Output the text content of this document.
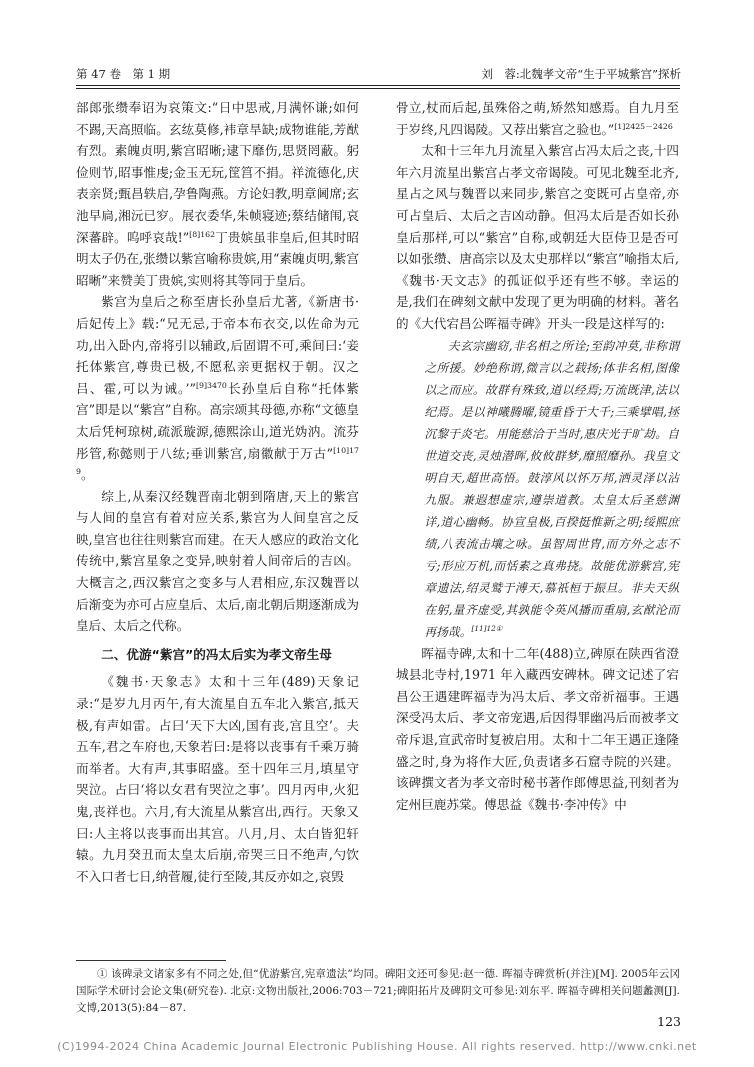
第 47 卷　第 1 期	刘　蓉:北魏孝文帝“生于平城紫宫”探析

部郎张缵奉诏为哀策文:“日中思戒,月满怀谦;如何不踢,天高照临。玄纮莫修,袆章旱缺;成物谁能,芳猷有烈。素魄贞明,紫宫昭晰;逮下靡伤,思贤罔蔽。躬俭则节,昭事惟虔;金玉无玩,筐筥不捐。祥流德化,庆表亲贤;甄昌轶启,孕鲁陶燕。方论妇教,明章阃席;玄池早扃,湘沅已穸。展衣委华,朱帧寝迹;蔡结储闱,哀深蕃辟。呜呼哀哉!”$^{[8]162}$丁贵嫔虽非皇后,但其时昭明太子仍在,张缵以紫宫喻称贵嫔,用“素魄贞明,紫宫昭晰”来赞美丁贵嫔,实则将其等同于皇后。

紫宫为皇后之称至唐长孙皇后尤著,《新唐书·后妃传上》载:“兄无忌,于帝本布衣交,以佐命为元功,出入卧内,帝将引以辅政,后固谓不可,乘间曰:‘妾托体紫宫,尊贵已极,不愿私亲更据权于朝。汉之吕、霍,可以为诫。’”$^{[9]3470}$长孙皇后自称“托体紫宫”即是以“紫宫”自称。高宗颂其母德,亦称“文德皇太后凭柯琼树,疏派璇源,德熙涂山,道光妫汭。流芬彤管,称懿则于八纮;垂训紫宫,扇徽献于万古”$^{[10]179}$。

综上,从秦汉经魏晋南北朝到隋唐,天上的紫宫与人间的皇宫有着对应关系,紫宫为人间皇宫之反映,皇宫也往往则紫宫而建。在天人感应的政治文化传统中,紫宫星象之变异,映射着人间帝后的吉凶。大概言之,西汉紫宫之变多与人君相应,东汉魏晋以后渐变为亦可占应皇后、太后,南北朝后期逐渐成为皇后、太后之代称。

二、优游“紫宫”的冯太后实为孝文帝生母

《魏书·天象志》太和十三年(489)天象记录:“是岁九月丙午,有大流星自五车北入紫宫,抵天极,有声如雷。占曰‘天下大凶,国有丧,宫且空’。夫五车,君之车府也,天象若曰:是将以丧事有千乘万骑而举者。大有声,其事昭盛。至十四年三月,填星守哭泣。占曰‘将以女君有哭泣之事’。四月丙申,火犯鬼,丧祥也。六月,有大流星从紫宫出,西行。天象又曰:人主将以丧事而出其宫。八月,月、太白皆犯轩辕。九月癸丑而太皇太后崩,帝哭三日不绝声,勺饮不入口者七日,纳菅履,徒行至陵,其反亦如之,哀毁

骨立,杖而后起,虽殊俗之萌,矫然知感焉。自九月至于岁终,凡四谒陵。又荐出紫宫之验也。”$^{[1]2425-2426}$

太和十三年九月流星入紫宫占冯太后之丧,十四年六月流星出紫宫占孝文帝谒陵。可见北魏至北齐,星占之风与魏晋以来同步,紫宫之变既可占皇帝,亦可占皇后、太后之吉凶动静。但冯太后是否如长孙皇后那样,可以“紫宫”自称,或朝廷大臣侍卫是否可以如张缵、唐高宗以及太史那样以“紫宫”喻指太后,《魏书·天文志》的孤证似乎还有些不够。幸运的是,我们在碑刻文献中发现了更为明确的材料。著名的《大代宕昌公晖福寺碑》开头一段是这样写的:

夫玄宗幽窈,非名相之所诠;至韵冲莫,非称谓之所援。妙绝称谓,微言以之载扬;体非名相,图像以之而应。故群有殊致,道以经焉;万流既津,法以纪焉。是以神曦腾曜,镜重昏于大千;三乘擘唱,拯沉黎于炎宅。用能慈洽于当时,惠庆光于旷劫。自世道交丧,灵烛潜晖,攸攸群梦,靡照靡孙。我皇文明自天,超世高悟。鼓淳风以怀万邦,洒灵泽以沾九服。兼遐想虚宗,遵崇道教。太皇太后圣慈渊详,道心幽畅。协宣皇极,百揆挺惟新之明;绥熙庶绩,八表流击壤之咏。虽智周世胄,而方外之志不亏;形应万机,而恬素之真弗挠。故能优游紫宫,宪章遗法,绍灵鹫于溥天,慕祇桓于振旦。非夫天纵在躬,量齐虚受,其孰能令英风播而重扇,玄猷沦而再扬哉。$^{[11]12①}$

晖福寺碑,太和十二年(488)立,碑原在陕西省澄城县北寺村,1971 年入藏西安碑林。碑文记述了宕昌公王遇建晖福寺为冯太后、孝文帝祈福事。王遇深受冯太后、孝文帝宠遇,后因得罪幽冯后而被孝文帝斥退,宣武帝时复被启用。太和十二年王遇正逢隆盛之时,身为将作大匠,负责诸多石窟寺院的兴建。该碑撰文者为孝文帝时秘书著作郎傅思益,刊刻者为定州巨鹿苏棠。傅思益《魏书·李冲传》中

① 该碑录文诸家多有不同之处,但“优游紫宫,宪章遗法”均同。碑阳文还可参见:赵一德. 晖福寺碑赏析(并注)[M]. 2005年云冈国际学术研讨会论文集(研究卷). 北京:文物出版社,2006:703－721;碑阳拓片及碑阴文可参见:刘东平. 晖福寺碑相关问题蠡测[J]. 文博,2013(5):84－87.

123
(C)1994-2024 China Academic Journal Electronic Publishing House. All rights reserved. http://www.cnki.net
